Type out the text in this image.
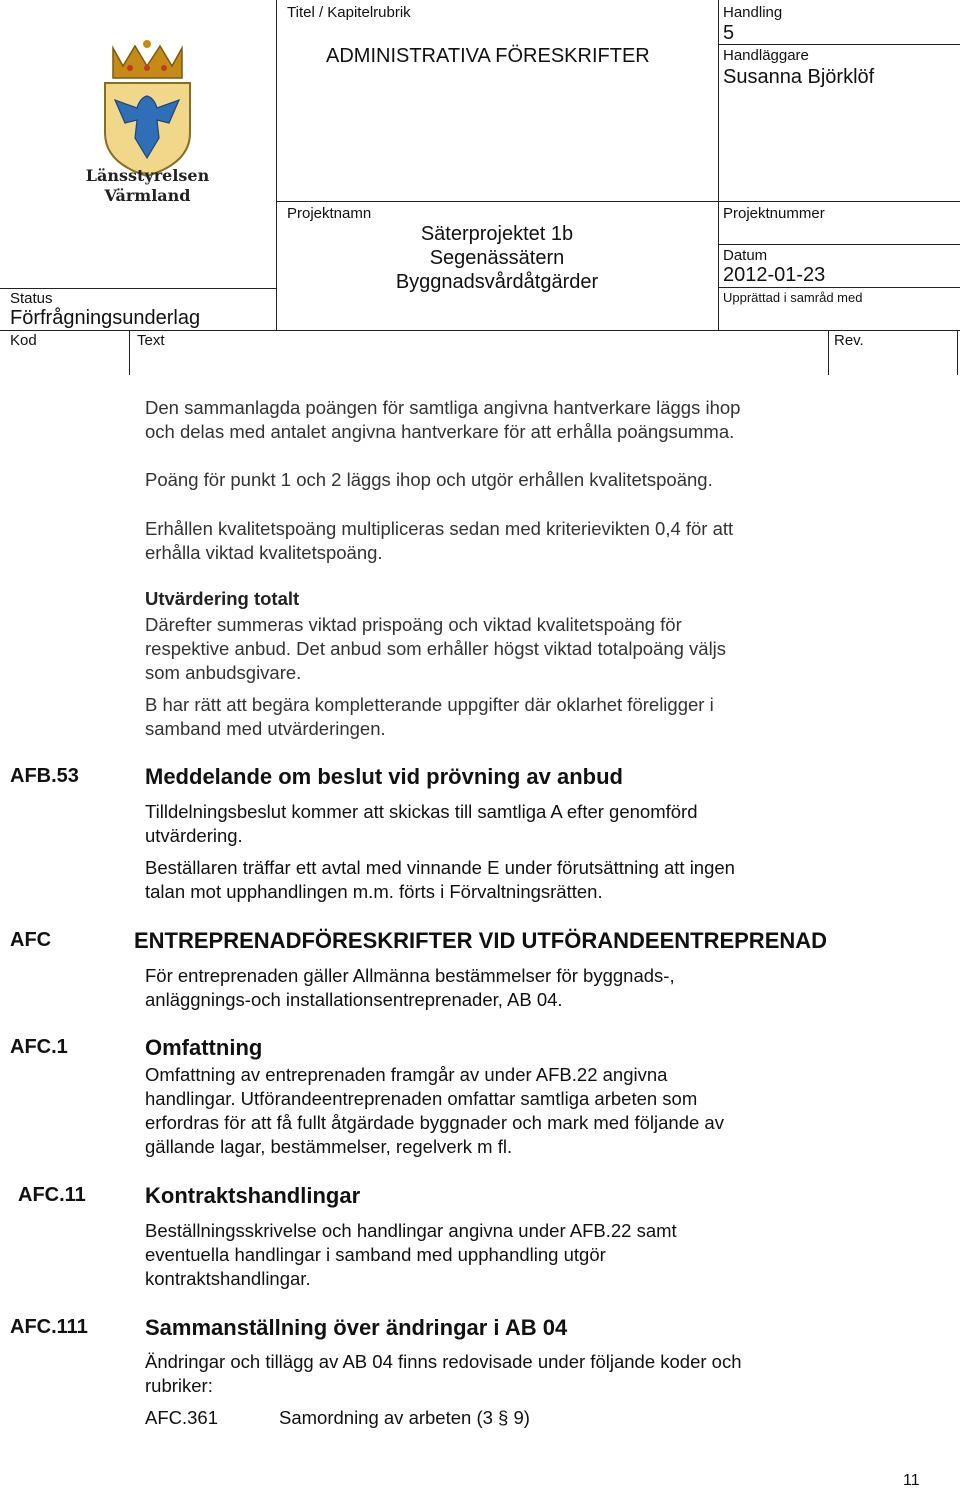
Länsstyrelsen
Värmland
Titel / Kapitelrubrik
ADMINISTRATIVA FÖRESKRIFTER
Handling
5
Handläggare
Susanna Björklöf
Projektnamn
Säterprojektet 1b
Segenässätern
Byggnadsvårdåtgärder
Projektnummer
Datum
2012-01-23
Upprättad i samråd med
Status
Förfrågningsunderlag
Kod	Text	Rev.
Den sammanlagda poängen för samtliga angivna hantverkare läggs ihop
och delas med antalet angivna hantverkare för att erhålla poängsumma.
Poäng för punkt 1 och 2 läggs ihop och utgör erhållen kvalitetspoäng.
Erhållen kvalitetspoäng multipliceras sedan med kriterievikten 0,4 för att
erhålla viktad kvalitetspoäng.
Utvärdering totalt
Därefter summeras viktad prispoäng och viktad kvalitetspoäng för
respektive anbud. Det anbud som erhåller högst viktad totalpoäng väljs
som anbudsgivare.
B har rätt att begära kompletterande uppgifter där oklarhet föreligger i
samband med utvärderingen.
AFB.53	Meddelande om beslut vid prövning av anbud
Tilldelningsbeslut kommer att skickas till samtliga A efter genomförd
utvärdering.
Beställaren träffar ett avtal med vinnande E under förutsättning att ingen
talan mot upphandlingen m.m. förts i Förvaltningsrätten.
AFC	ENTREPRENADFÖRESKRIFTER VID UTFÖRANDEENTREPRENAD
För entreprenaden gäller Allmänna bestämmelser för byggnads-,
anläggnings-och installationsentreprenader, AB 04.
AFC.1	Omfattning
Omfattning av entreprenaden framgår av under AFB.22 angivna
handlingar. Utförandeentreprenaden omfattar samtliga arbeten som
erfordras för att få fullt åtgärdade byggnader och mark med följande av
gällande lagar, bestämmelser, regelverk m fl.
AFC.11	Kontraktshandlingar
Beställningsskrivelse och handlingar angivna under AFB.22 samt
eventuella handlingar i samband med upphandling utgör
kontraktshandlingar.
AFC.111	Sammanställning över ändringar i AB 04
Ändringar och tillägg av AB 04 finns redovisade under följande koder och
rubriker:
AFC.361	Samordning av arbeten (3 § 9)
11
